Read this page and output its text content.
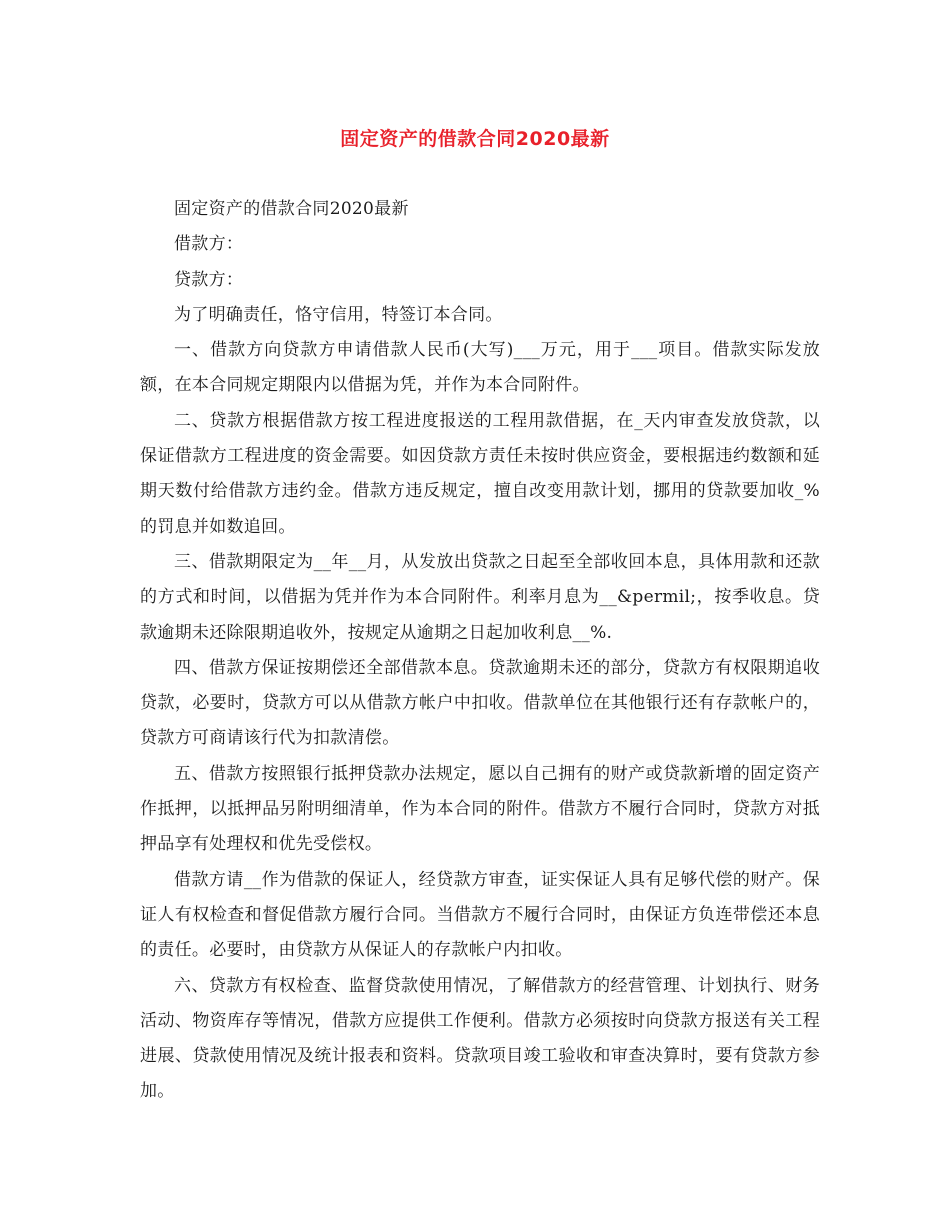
固定资产的借款合同2020最新

固定资产的借款合同2020最新

借款方：

贷款方：

为了明确责任，恪守信用，特签订本合同。

一、借款方向贷款方申请借款人民币(大写)___万元，用于___项目。借款实际发放额，在本合同规定期限内以借据为凭，并作为本合同附件。

二、贷款方根据借款方按工程进度报送的工程用款借据，在_天内审查发放贷款，以保证借款方工程进度的资金需要。如因贷款方责任未按时供应资金，要根据违约数额和延期天数付给借款方违约金。借款方违反规定，擅自改变用款计划，挪用的贷款要加收_%的罚息并如数追回。

三、借款期限定为__年__月，从发放出贷款之日起至全部收回本息，具体用款和还款的方式和时间，以借据为凭并作为本合同附件。利率月息为__&permil;，按季收息。贷款逾期未还除限期追收外，按规定从逾期之日起加收利息__%.

四、借款方保证按期偿还全部借款本息。贷款逾期未还的部分，贷款方有权限期追收贷款，必要时，贷款方可以从借款方帐户中扣收。借款单位在其他银行还有存款帐户的，贷款方可商请该行代为扣款清偿。

五、借款方按照银行抵押贷款办法规定，愿以自己拥有的财产或贷款新增的固定资产作抵押，以抵押品另附明细清单，作为本合同的附件。借款方不履行合同时，贷款方对抵押品享有处理权和优先受偿权。

借款方请__作为借款的保证人，经贷款方审查，证实保证人具有足够代偿的财产。保证人有权检查和督促借款方履行合同。当借款方不履行合同时，由保证方负连带偿还本息的责任。必要时，由贷款方从保证人的存款帐户内扣收。

六、贷款方有权检查、监督贷款使用情况，了解借款方的经营管理、计划执行、财务活动、物资库存等情况，借款方应提供工作便利。借款方必须按时向贷款方报送有关工程进展、贷款使用情况及统计报表和资料。贷款项目竣工验收和审查决算时，要有贷款方参加。
